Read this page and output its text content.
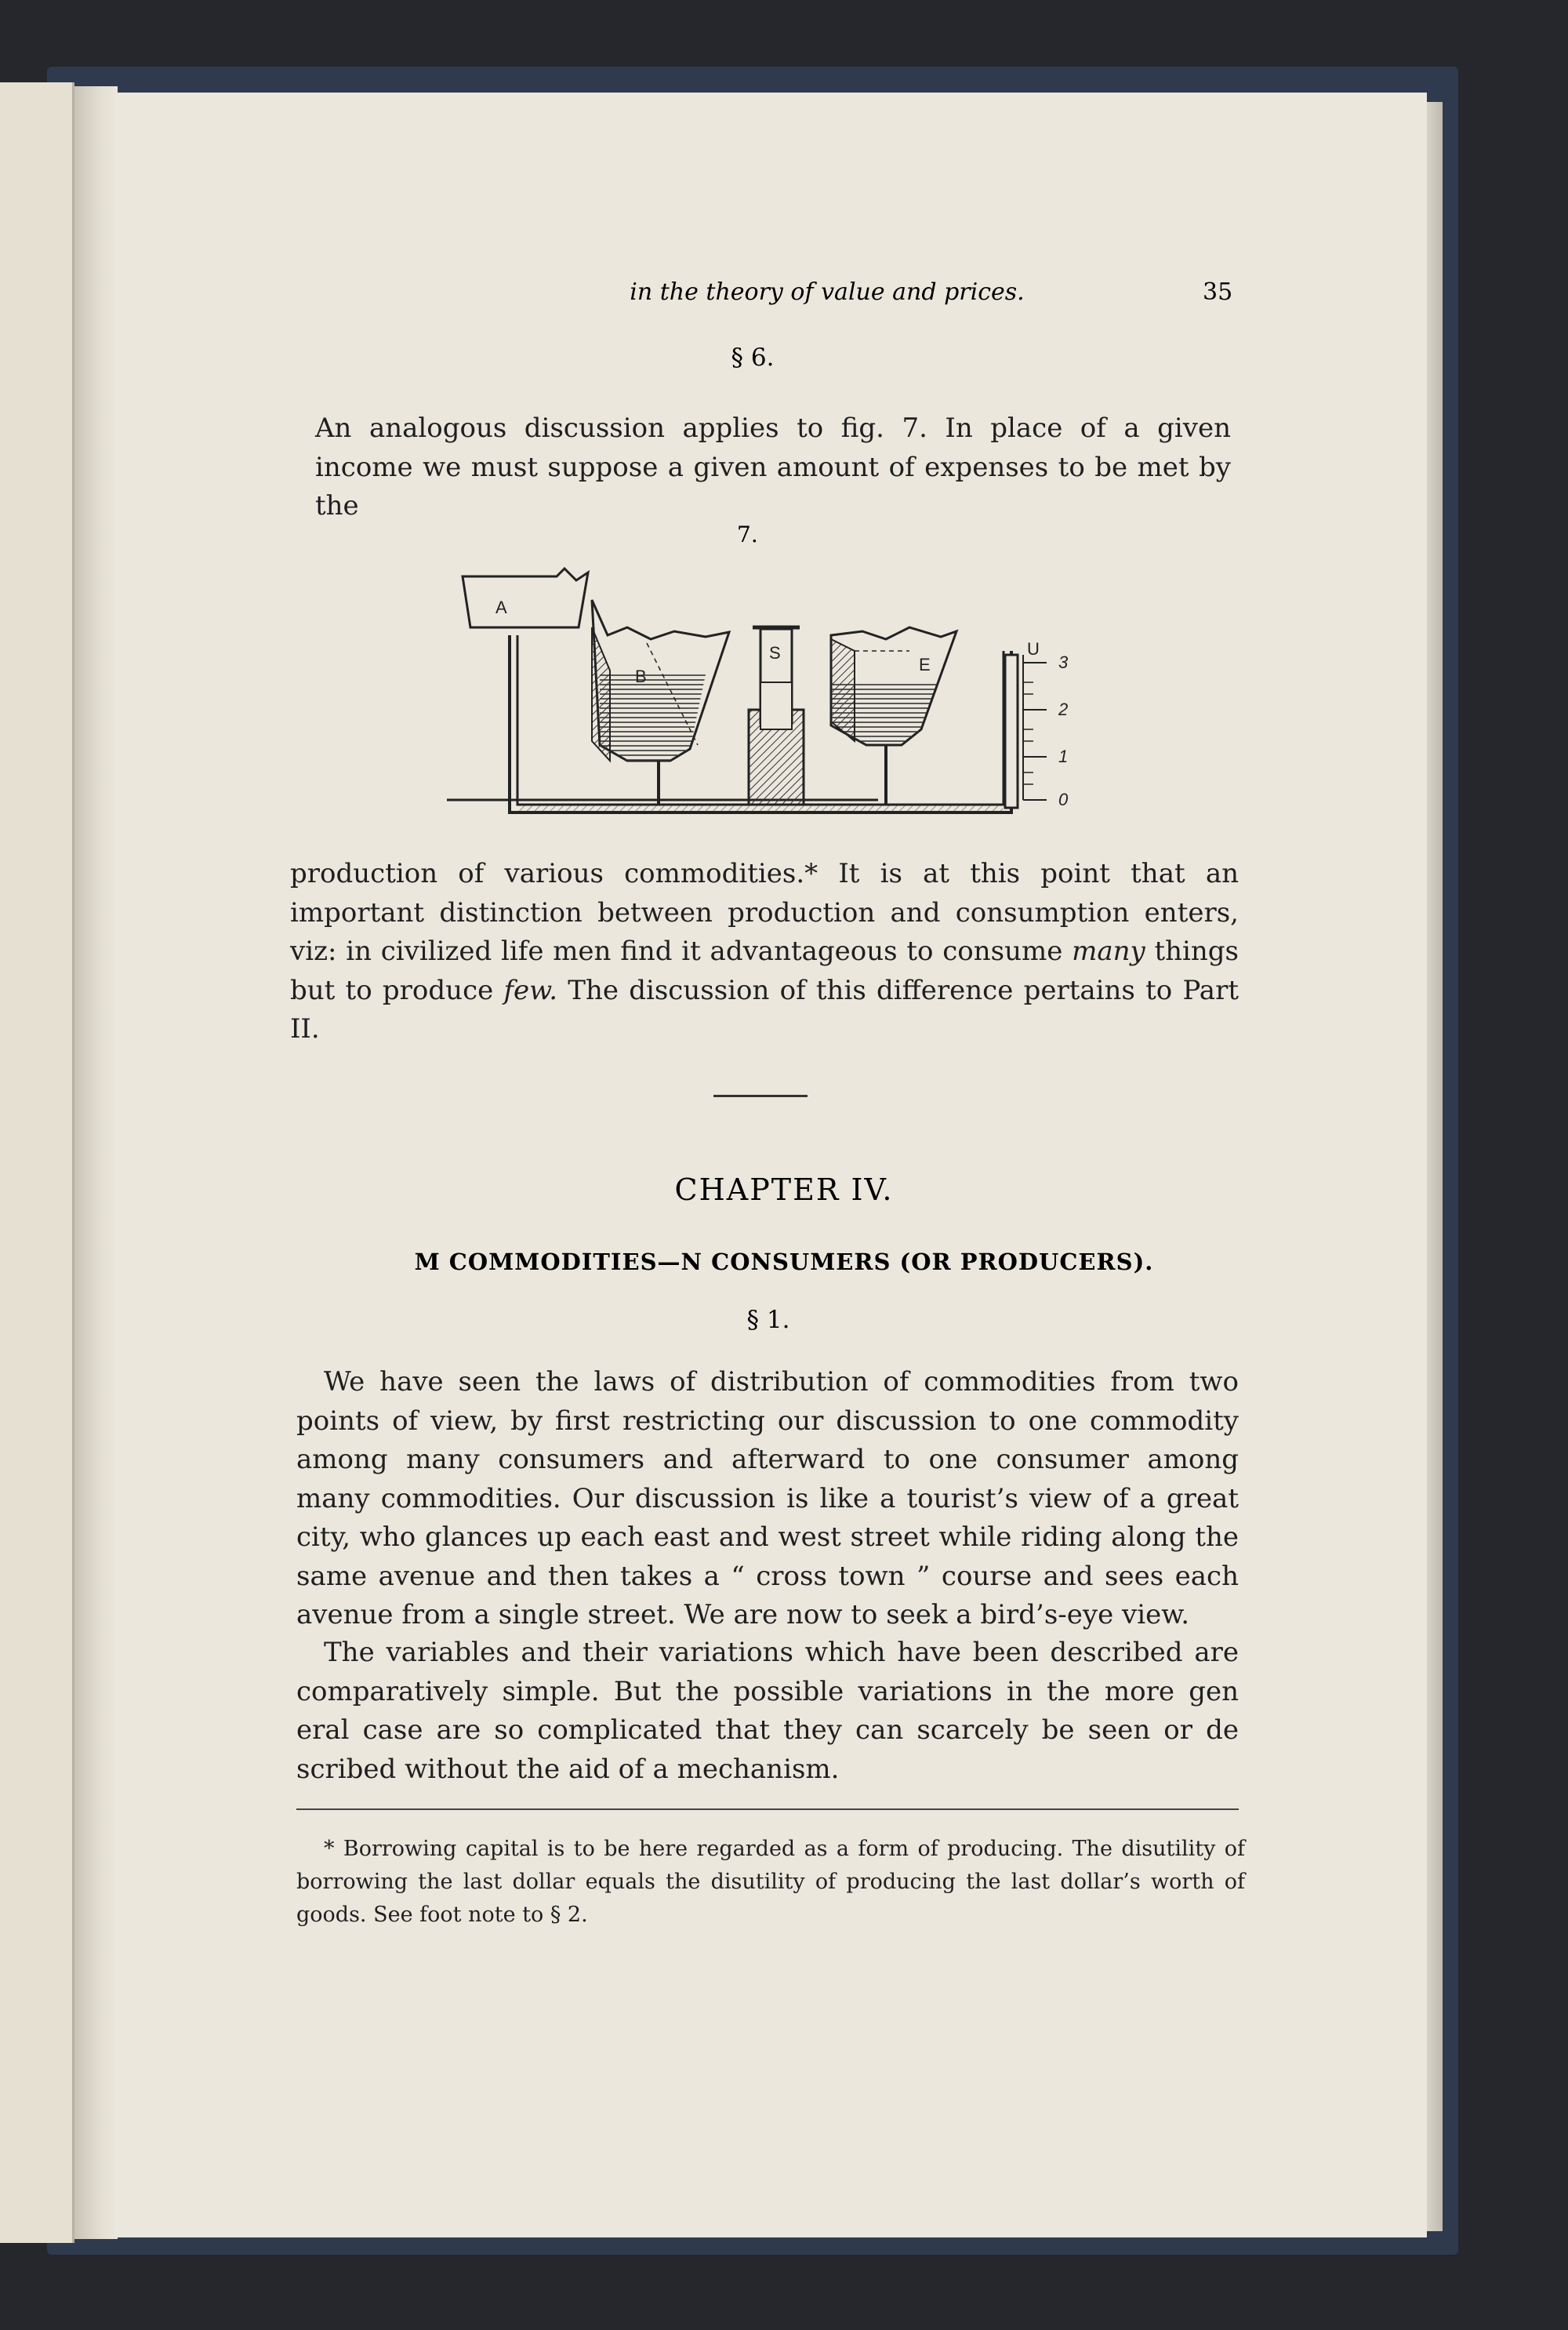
in the theory of value and prices.	35
§ 6.

An analogous discussion applies to fig. 7. In place of a given income we must suppose a given amount of expenses to be met by the

7.
A
B
S
E
U
3
2
1
0

production of various commodities.* It is at this point that an important distinction between production and consumption enters, viz: in civilized life men find it advantageous to consume many things but to produce few. The discussion of this difference pertains to Part II.

CHAPTER IV.
M COMMODITIES—N CONSUMERS (OR PRODUCERS).
§ 1.

We have seen the laws of distribution of commodities from two points of view, by first restricting our discussion to one commodity among many consumers and afterward to one consumer among many commodities. Our discussion is like a tourist’s view of a great city, who glances up each east and west street while riding along the same avenue and then takes a “ cross town ” course and sees each avenue from a single street. We are now to seek a bird’s-eye view.

The variables and their variations which have been described are comparatively simple. But the possible variations in the more gen eral case are so complicated that they can scarcely be seen or de scribed without the aid of a mechanism.

* Borrowing capital is to be here regarded as a form of producing. The disutility of borrowing the last dollar equals the disutility of producing the last dollar’s worth of goods. See foot note to § 2.
